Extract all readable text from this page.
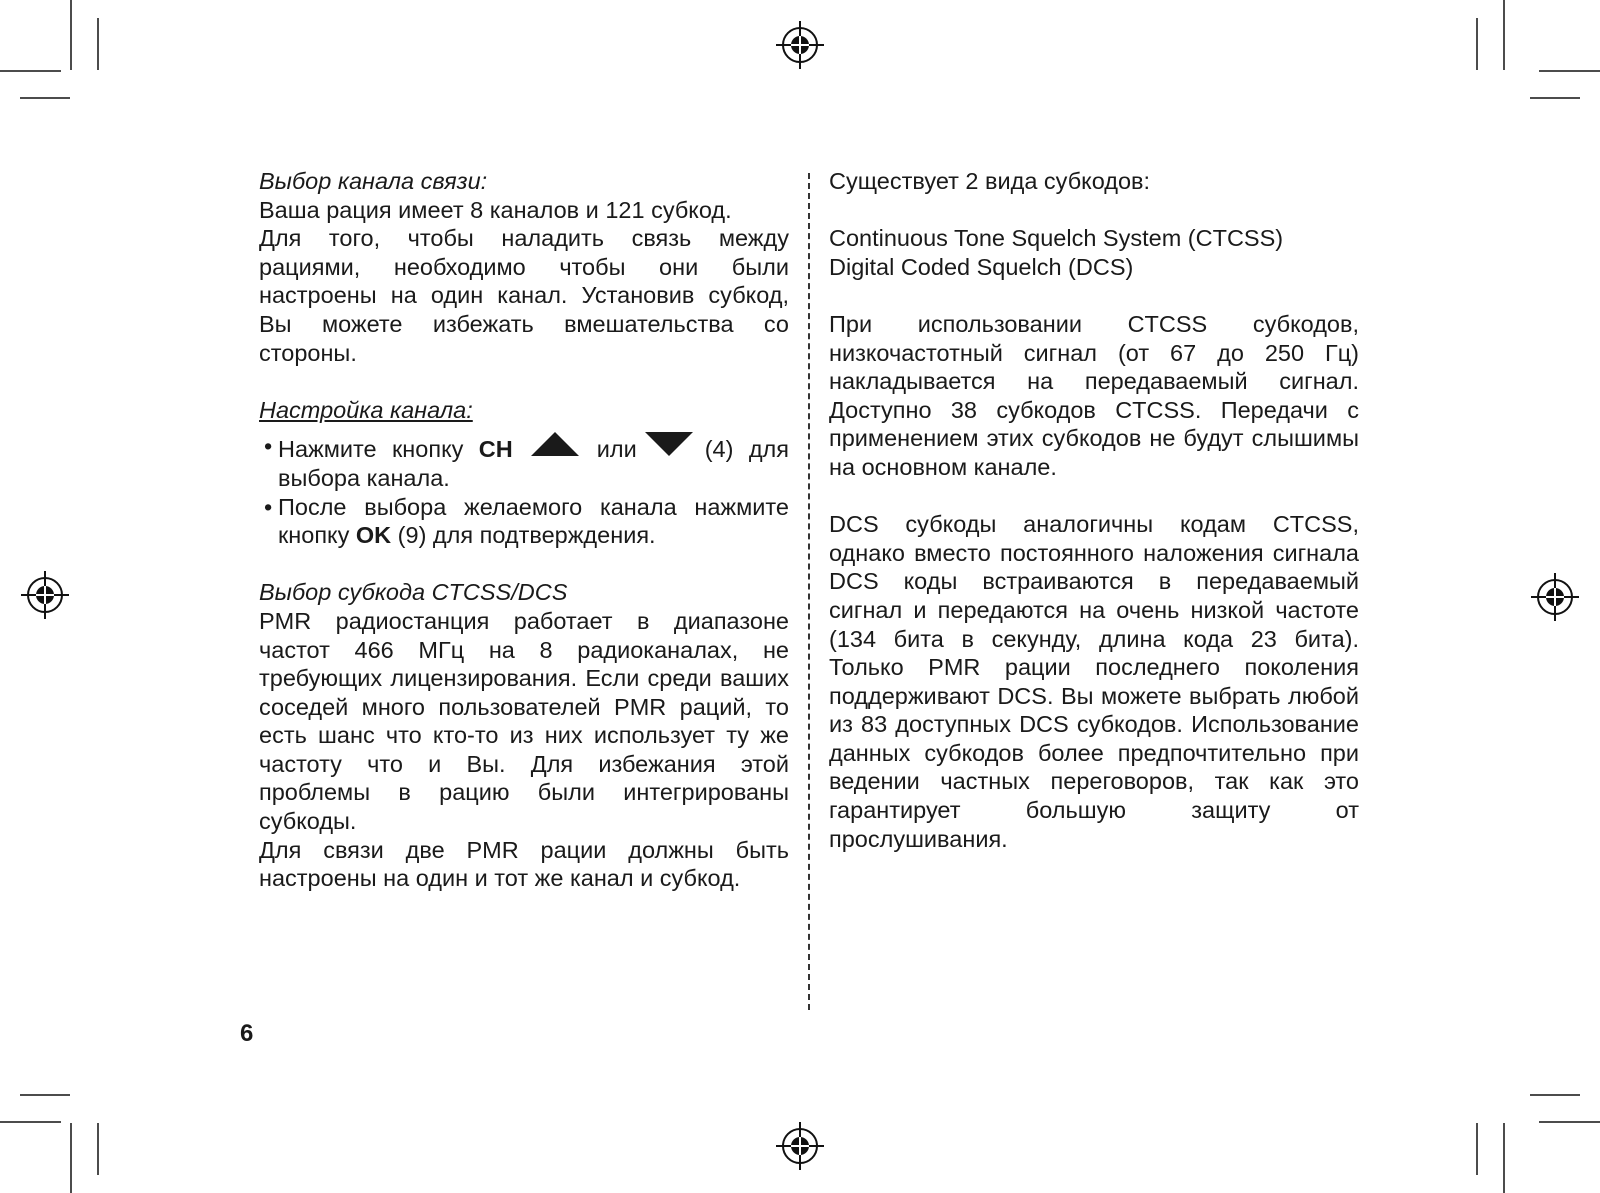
Выбор канала связи:

Ваша рация имеет 8 каналов и 121 субкод.

Для того, чтобы наладить связь между рациями, необходимо чтобы они были настроены на один канал. Установив субкод, Вы можете избежать вмешательства со стороны.

Настройка канала:

• Нажмите кнопку CH	или	(4) для выбора канала.
• После выбора желаемого канала нажмите кнопку OK (9) для подтверждения.

Выбор субкода CTCSS/DCS

PMR радиостанция работает в диапазоне частот 466 МГц на 8 радиоканалах, не требующих лицензирования. Если среди ваших соседей много пользователей PMR раций, то есть шанс что кто-то из них использует ту же частоту что и Вы. Для избежания этой проблемы в рацию были интегрированы субкоды.

Для связи две PMR рации должны быть настроены на один и тот же канал и субкод.

Существует 2 вида субкодов:

Continuous Tone Squelch System (CTCSS)

Digital Coded Squelch (DCS)

При использовании CTCSS субкодов, низкочастотный сигнал (от 67 до 250 Гц) накладывается на передаваемый сигнал. Доступно 38 субкодов CTCSS. Передачи с применением этих субкодов не будут слышимы на основном канале.

DCS субкоды аналогичны кодам CTCSS, однако вместо постоянного наложения сигнала DCS коды встраиваются в передаваемый сигнал и передаются на очень низкой частоте (134 бита в секунду, длина кода 23 бита). Только PMR рации последнего поколения поддерживают DCS. Вы можете выбрать любой из 83 доступных DCS субкодов. Использование данных субкодов более предпочтительно при ведении частных переговоров, так как это гарантирует большую защиту от прослушивания.

6
